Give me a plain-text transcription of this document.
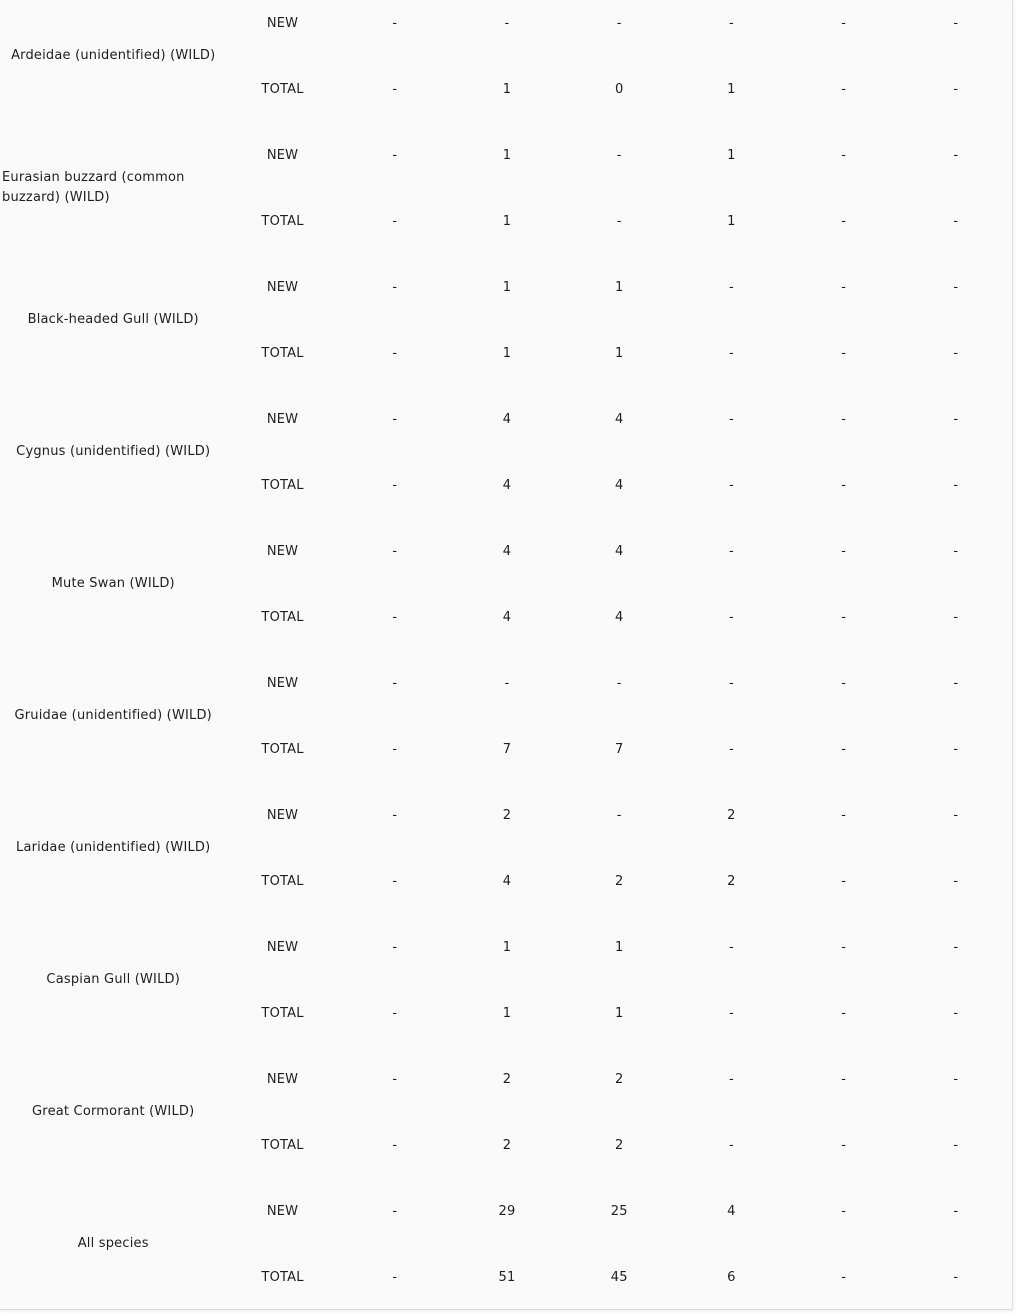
Ardeidae (unidentified) (WILD)	NEW	-	-	-	-	-	-
	TOTAL	-	1	0	1	-	-
Eurasian buzzard (common buzzard) (WILD)	NEW	-	1	-	1	-	-
	TOTAL	-	1	-	1	-	-
Black-headed Gull (WILD)	NEW	-	1	1	-	-	-
	TOTAL	-	1	1	-	-	-
Cygnus (unidentified) (WILD)	NEW	-	4	4	-	-	-
	TOTAL	-	4	4	-	-	-
Mute Swan (WILD)	NEW	-	4	4	-	-	-
	TOTAL	-	4	4	-	-	-
Gruidae (unidentified) (WILD)	NEW	-	-	-	-	-	-
	TOTAL	-	7	7	-	-	-
Laridae (unidentified) (WILD)	NEW	-	2	-	2	-	-
	TOTAL	-	4	2	2	-	-
Caspian Gull (WILD)	NEW	-	1	1	-	-	-
	TOTAL	-	1	1	-	-	-
Great Cormorant (WILD)	NEW	-	2	2	-	-	-
	TOTAL	-	2	2	-	-	-
All species	NEW	-	29	25	4	-	-
	TOTAL	-	51	45	6	-	-
